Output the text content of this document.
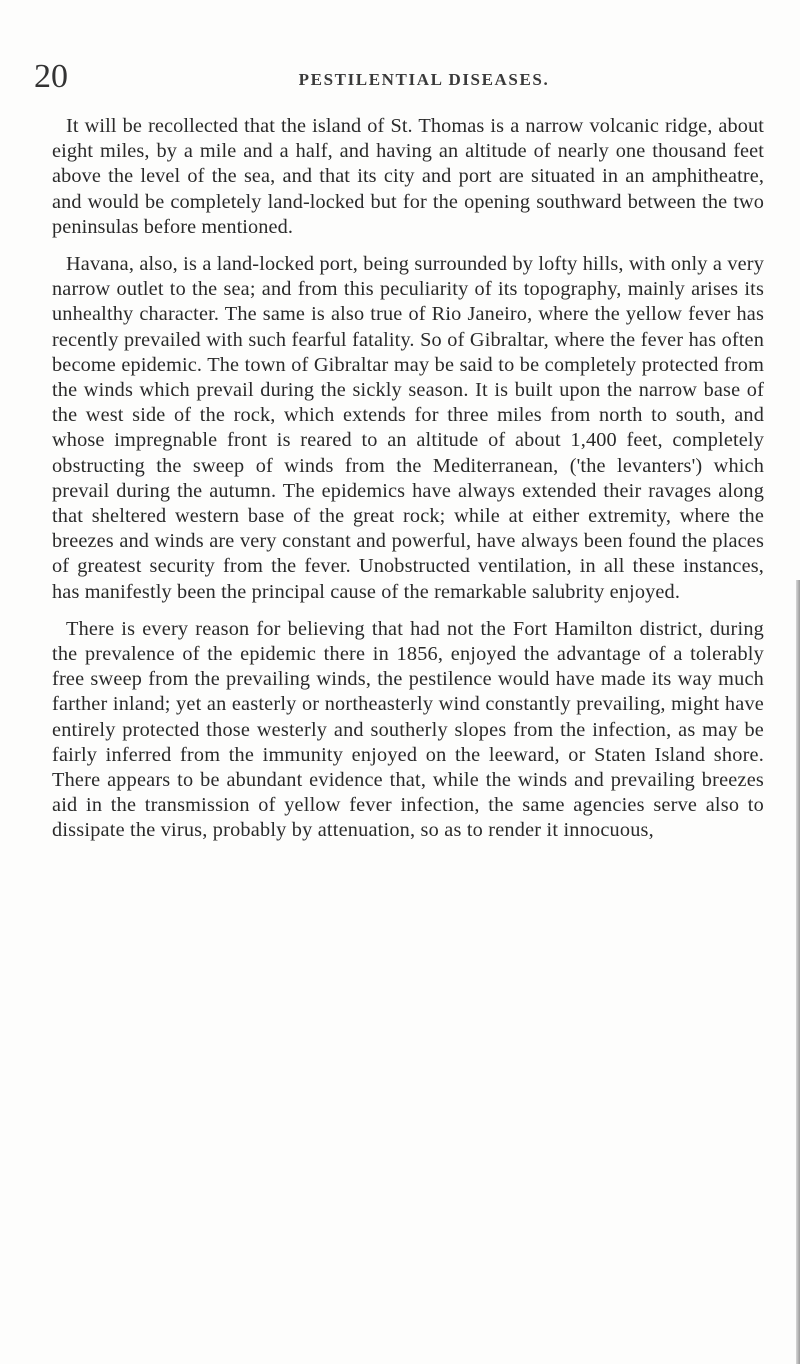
20	PESTILENTIAL DISEASES.

It will be recollected that the island of St. Thomas is a narrow volcanic ridge, about eight miles, by a mile and a half, and having an altitude of nearly one thousand feet above the level of the sea, and that its city and port are situated in an amphitheatre, and would be completely land-locked but for the opening southward between the two peninsulas before mentioned.

Havana, also, is a land-locked port, being surrounded by lofty hills, with only a very narrow outlet to the sea; and from this peculiarity of its topography, mainly arises its unhealthy character. The same is also true of Rio Janeiro, where the yellow fever has recently prevailed with such fearful fatality. So of Gibraltar, where the fever has often become epidemic. The town of Gibraltar may be said to be completely protected from the winds which prevail during the sickly season. It is built upon the narrow base of the west side of the rock, which extends for three miles from north to south, and whose impregnable front is reared to an altitude of about 1,400 feet, completely obstructing the sweep of winds from the Mediterranean, ('the levanters') which prevail during the autumn. The epidemics have always extended their ravages along that sheltered western base of the great rock; while at either extremity, where the breezes and winds are very constant and powerful, have always been found the places of greatest security from the fever. Unobstructed ventilation, in all these instances, has manifestly been the principal cause of the remarkable salubrity enjoyed.

There is every reason for believing that had not the Fort Hamilton district, during the prevalence of the epidemic there in 1856, enjoyed the advantage of a tolerably free sweep from the prevailing winds, the pestilence would have made its way much farther inland; yet an easterly or northeasterly wind constantly prevailing, might have entirely protected those westerly and southerly slopes from the infection, as may be fairly inferred from the immunity enjoyed on the leeward, or Staten Island shore. There appears to be abundant evidence that, while the winds and prevailing breezes aid in the transmission of yellow fever infection, the same agencies serve also to dissipate the virus, probably by attenuation, so as to render it innocuous,
